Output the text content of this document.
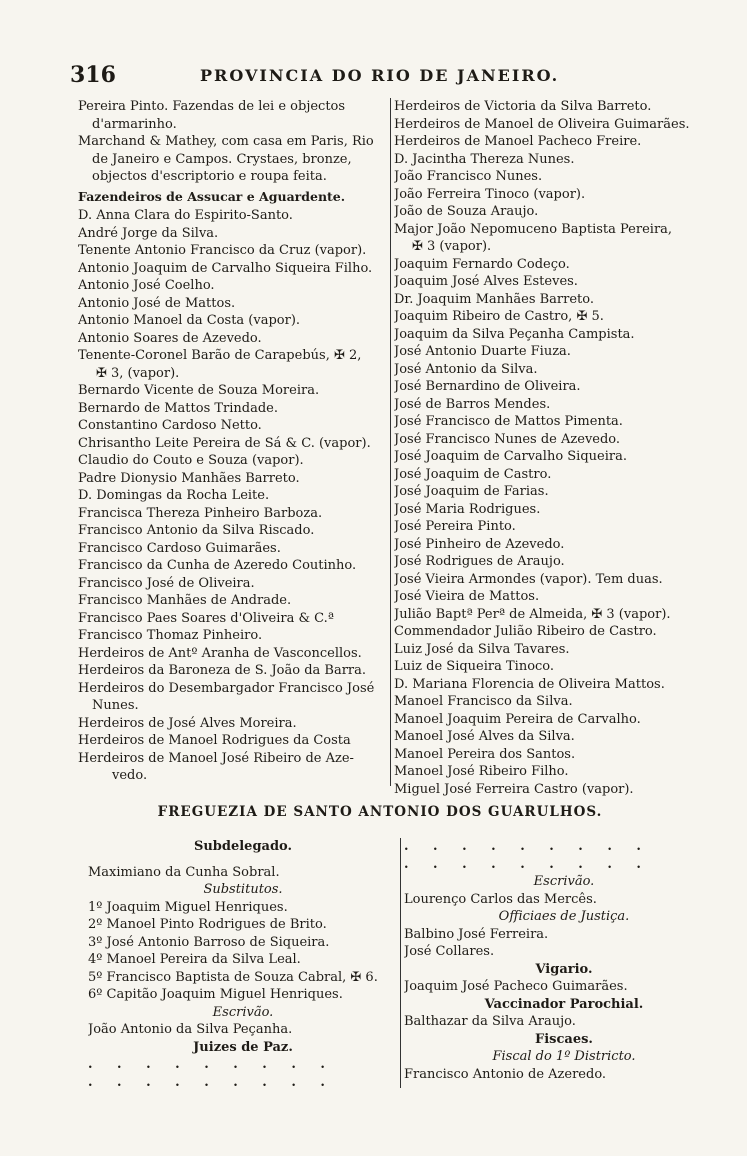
316	PROVINCIA DO RIO DE JANEIRO.
Pereira Pinto. Fazendas de lei e objectos
d'armarinho.
Marchand & Mathey, com casa em Paris, Rio
de Janeiro e Campos. Crystaes, bronze,
objectos d'escriptorio e roupa feita.
Fazendeiros de Assucar e Aguardente.
D. Anna Clara do Espirito-Santo.
André Jorge da Silva.
Tenente Antonio Francisco da Cruz (vapor).
Antonio Joaquim de Carvalho Siqueira Filho.
Antonio José Coelho.
Antonio José de Mattos.
Antonio Manoel da Costa (vapor).
Antonio Soares de Azevedo.
Tenente-Coronel Barão de Carapebús, ✠ 2,
✠ 3, (vapor).
Bernardo Vicente de Souza Moreira.
Bernardo de Mattos Trindade.
Constantino Cardoso Netto.
Chrisantho Leite Pereira de Sá & C. (vapor).
Claudio do Couto e Souza (vapor).
Padre Dionysio Manhães Barreto.
D. Domingas da Rocha Leite.
Francisca Thereza Pinheiro Barboza.
Francisco Antonio da Silva Riscado.
Francisco Cardoso Guimarães.
Francisco da Cunha de Azeredo Coutinho.
Francisco José de Oliveira.
Francisco Manhães de Andrade.
Francisco Paes Soares d'Oliveira & C.ª
Francisco Thomaz Pinheiro.
Herdeiros de Antº Aranha de Vasconcellos.
Herdeiros da Baroneza de S. João da Barra.
Herdeiros do Desembargador Francisco José
Nunes.
Herdeiros de José Alves Moreira.
Herdeiros de Manoel Rodrigues da Costa
Herdeiros de Manoel José Ribeiro de Aze-
vedo.
Herdeiros de Victoria da Silva Barreto.
Herdeiros de Manoel de Oliveira Guimarães.
Herdeiros de Manoel Pacheco Freire.
D. Jacintha Thereza Nunes.
João Francisco Nunes.
João Ferreira Tinoco (vapor).
João de Souza Araujo.
Major João Nepomuceno Baptista Pereira,
✠ 3 (vapor).
Joaquim Fernardo Codeço.
Joaquim José Alves Esteves.
Dr. Joaquim Manhães Barreto.
Joaquim Ribeiro de Castro, ✠ 5.
Joaquim da Silva Peçanha Campista.
José Antonio Duarte Fiuza.
José Antonio da Silva.
José Bernardino de Oliveira.
José de Barros Mendes.
José Francisco de Mattos Pimenta.
José Francisco Nunes de Azevedo.
José Joaquim de Carvalho Siqueira.
José Joaquim de Castro.
José Joaquim de Farias.
José Maria Rodrigues.
José Pereira Pinto.
José Pinheiro de Azevedo.
José Rodrigues de Araujo.
José Vieira Armondes (vapor). Tem duas.
José Vieira de Mattos.
Julião Baptª Perª de Almeida, ✠ 3 (vapor).
Commendador Julião Ribeiro de Castro.
Luiz José da Silva Tavares.
Luiz de Siqueira Tinoco.
D. Mariana Florencia de Oliveira Mattos.
Manoel Francisco da Silva.
Manoel Joaquim Pereira de Carvalho.
Manoel José Alves da Silva.
Manoel Pereira dos Santos.
Manoel José Ribeiro Filho.
Miguel José Ferreira Castro (vapor).
FREGUEZIA DE SANTO ANTONIO DOS GUARULHOS.
Subdelegado.
Maximiano da Cunha Sobral.
Substitutos.
1º Joaquim Miguel Henriques.
2º Manoel Pinto Rodrigues de Brito.
3º José Antonio Barroso de Siqueira.
4º Manoel Pereira da Silva Leal.
5º Francisco Baptista de Souza Cabral, ✠ 6.
6º Capitão Joaquim Miguel Henriques.
Escrivão.
João Antonio da Silva Peçanha.
Juizes de Paz.
. . . . . . . . .
. . . . . . . . .
. . . . . . . . .
. . . . . . . . .
Escrivão.
Lourenço Carlos das Mercês.
Officiaes de Justiça.
Balbino José Ferreira.
José Collares.
Vigario.
Joaquim José Pacheco Guimarães.
Vaccinador Parochial.
Balthazar da Silva Araujo.
Fiscaes.
Fiscal do 1º Districto.
Francisco Antonio de Azeredo.
